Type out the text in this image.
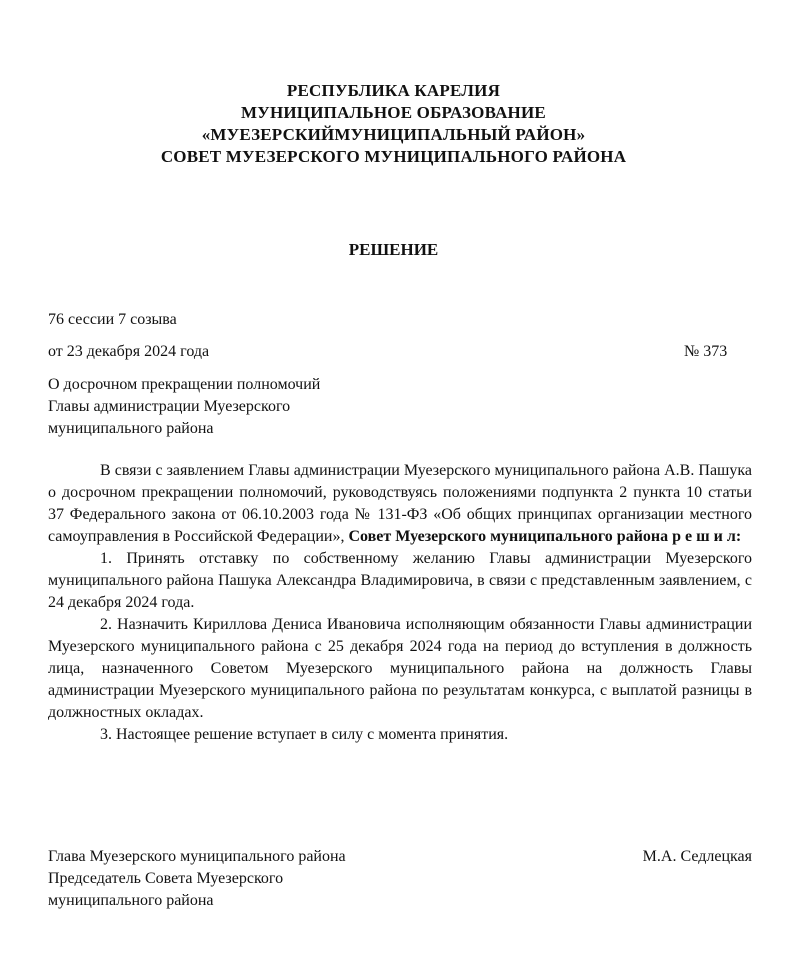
РЕСПУБЛИКА КАРЕЛИЯ
МУНИЦИПАЛЬНОЕ ОБРАЗОВАНИЕ
«МУЕЗЕРСКИЙМУНИЦИПАЛЬНЫЙ РАЙОН»
СОВЕТ МУЕЗЕРСКОГО МУНИЦИПАЛЬНОГО РАЙОНА
РЕШЕНИЕ
76 сессии 7 созыва
от 23 декабря 2024 года	№ 373
О досрочном прекращении полномочий
Главы администрации Муезерского
муниципального района

В связи с заявлением Главы администрации Муезерского муниципального района А.В. Пашука о досрочном прекращении полномочий, руководствуясь положениями подпункта 2 пункта 10 статьи 37 Федерального закона от 06.10.2003 года № 131-ФЗ «Об общих принципах организации местного самоуправления в Российской Федерации», Совет Муезерского муниципального района р е ш и л:

1. Принять отставку по собственному желанию Главы администрации Муезерского муниципального района Пашука Александра Владимировича, в связи с представленным заявлением, с 24 декабря 2024 года.

2. Назначить Кириллова Дениса Ивановича исполняющим обязанности Главы администрации Муезерского муниципального района с 25 декабря 2024 года на период до вступления в должность лица, назначенного Советом Муезерского муниципального района на должность Главы администрации Муезерского муниципального района по результатам конкурса, с выплатой разницы в должностных окладах.

3. Настоящее решение вступает в силу с момента принятия.

Глава Муезерского муниципального района
Председатель Совета Муезерского
муниципального района
М.А. Седлецкая
